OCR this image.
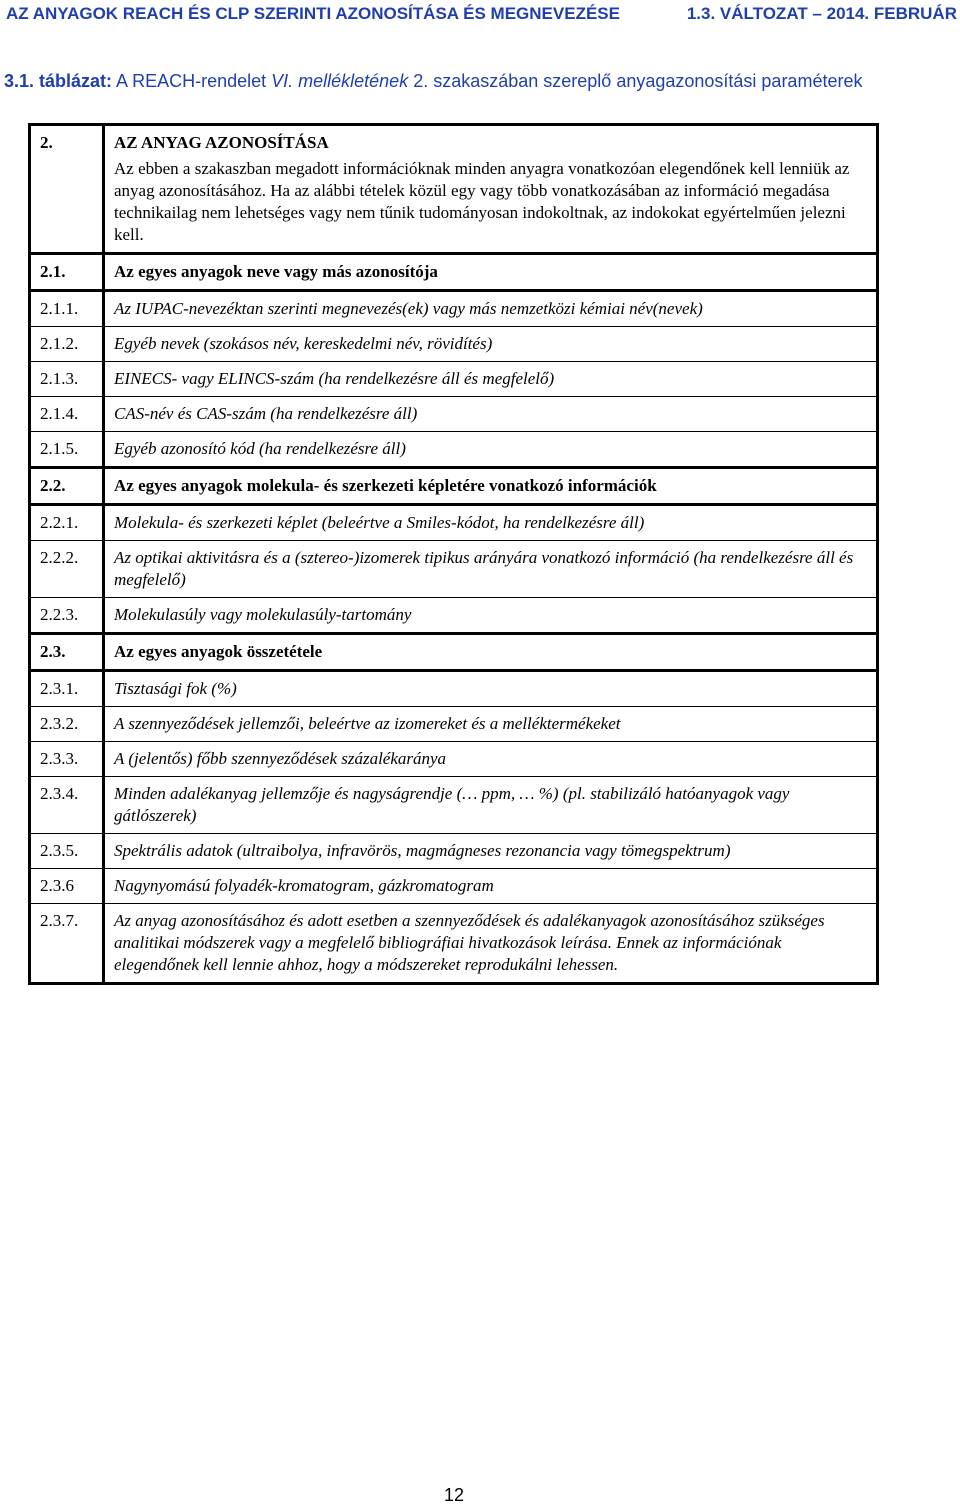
AZ ANYAGOK REACH ÉS CLP SZERINTI AZONOSÍTÁSA ÉS MEGNEVEZÉSE	1.3. VÁLTOZAT – 2014. FEBRUÁR
3.1. táblázat: A REACH-rendelet VI. mellékletének 2. szakaszában szereplő anyagazonosítási paraméterek
2.	AZ ANYAG AZONOSÍTÁSA
Az ebben a szakaszban megadott információknak minden anyagra vonatkozóan elegendőnek kell lenniük az anyag azonosításához. Ha az alábbi tételek közül egy vagy több vonatkozásában az információ megadása technikailag nem lehetséges vagy nem tűnik tudományosan indokoltnak, az indokokat egyértelműen jelezni kell.
2.1.	Az egyes anyagok neve vagy más azonosítója
2.1.1.	Az IUPAC-nevezéktan szerinti megnevezés(ek) vagy más nemzetközi kémiai név(nevek)
2.1.2.	Egyéb nevek (szokásos név, kereskedelmi név, rövidítés)
2.1.3.	EINECS- vagy ELINCS-szám (ha rendelkezésre áll és megfelelő)
2.1.4.	CAS-név és CAS-szám (ha rendelkezésre áll)
2.1.5.	Egyéb azonosító kód (ha rendelkezésre áll)
2.2.	Az egyes anyagok molekula- és szerkezeti képletére vonatkozó információk
2.2.1.	Molekula- és szerkezeti képlet (beleértve a Smiles-kódot, ha rendelkezésre áll)
2.2.2.	Az optikai aktivitásra és a (sztereo-)izomerek tipikus arányára vonatkozó információ (ha rendelkezésre áll és megfelelő)
2.2.3.	Molekulasúly vagy molekulasúly-tartomány
2.3.	Az egyes anyagok összetétele
2.3.1.	Tisztasági fok (%)
2.3.2.	A szennyeződések jellemzői, beleértve az izomereket és a melléktermékeket
2.3.3.	A (jelentős) főbb szennyeződések százalékaránya
2.3.4.	Minden adalékanyag jellemzője és nagyságrendje (… ppm, … %) (pl. stabilizáló hatóanyagok vagy gátlószerek)
2.3.5.	Spektrális adatok (ultraibolya, infravörös, magmágneses rezonancia vagy tömegspektrum)
2.3.6	Nagynyomású folyadék-kromatogram, gázkromatogram
2.3.7.	Az anyag azonosításához és adott esetben a szennyeződések és adalékanyagok azonosításához szükséges analitikai módszerek vagy a megfelelő bibliográfiai hivatkozások leírása. Ennek az információnak elegendőnek kell lennie ahhoz, hogy a módszereket reprodukálni lehessen.
12
